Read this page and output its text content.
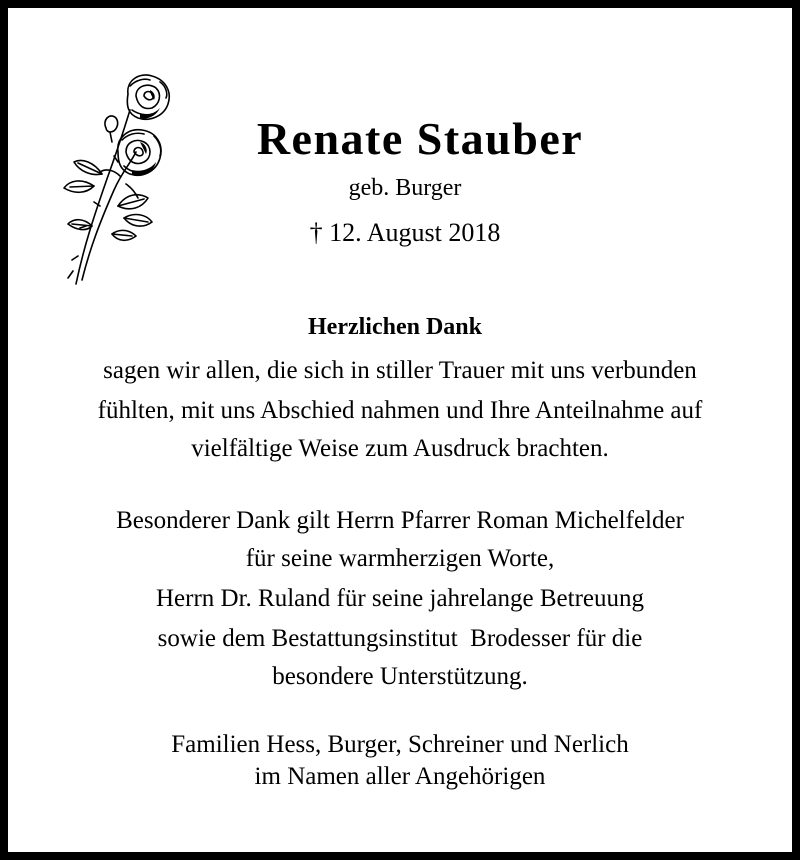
Renate Stauber
geb. Burger
† 12. August 2018
Herzlichen Dank
sagen wir allen, die sich in stiller Trauer mit uns verbunden
fühlten, mit uns Abschied nahmen und Ihre Anteilnahme auf
vielfältige Weise zum Ausdruck brachten.
Besonderer Dank gilt Herrn Pfarrer Roman Michelfelder
für seine warmherzigen Worte,
Herrn Dr. Ruland für seine jahrelange Betreuung
sowie dem Bestattungsinstitut  Brodesser für die
besondere Unterstützung.
Familien Hess, Burger, Schreiner und Nerlich
im Namen aller Angehörigen
